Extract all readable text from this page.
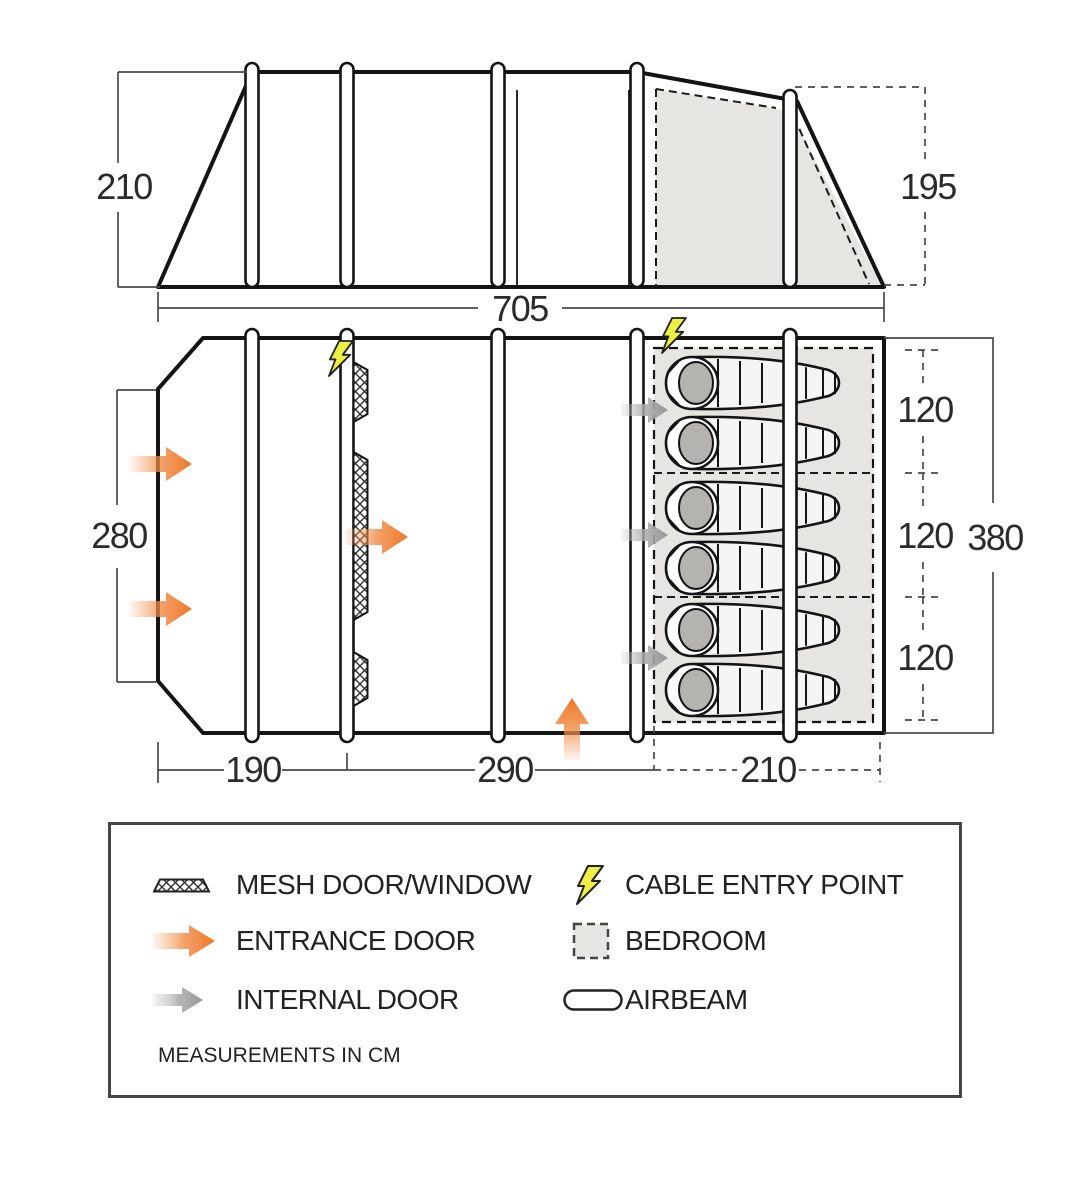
210	195
705
280
120
120
120
380
190	290	210
MESH DOOR/WINDOW
ENTRANCE DOOR
INTERNAL DOOR
CABLE ENTRY POINT
BEDROOM
AIRBEAM
MEASUREMENTS IN CM
